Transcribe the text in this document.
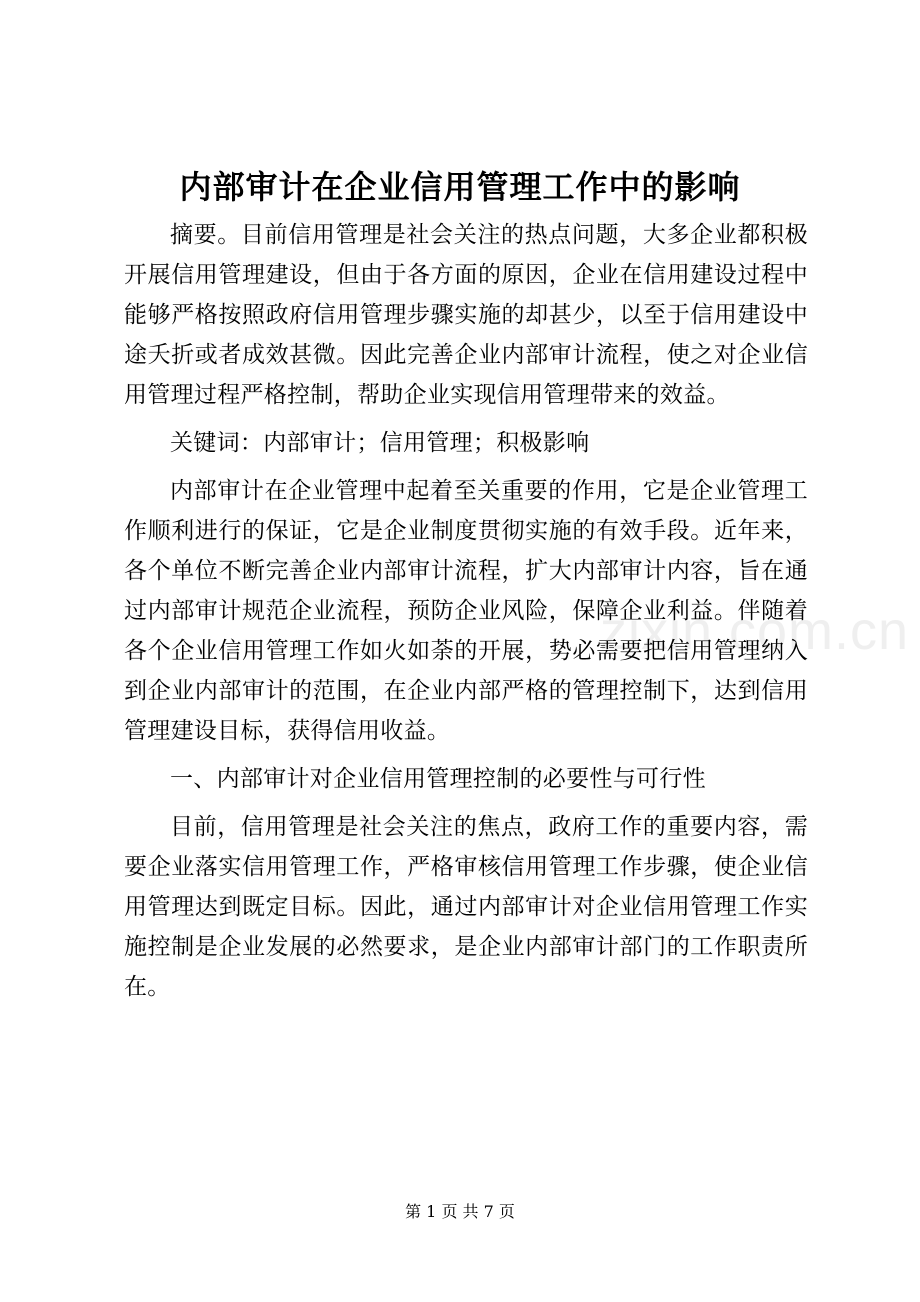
zixin.com.cn
内部审计在企业信用管理工作中的影响

摘要。目前信用管理是社会关注的热点问题，大多企业都积极开展信用管理建设，但由于各方面的原因，企业在信用建设过程中能够严格按照政府信用管理步骤实施的却甚少，以至于信用建设中途夭折或者成效甚微。因此完善企业内部审计流程，使之对企业信用管理过程严格控制，帮助企业实现信用管理带来的效益。

关键词：内部审计；信用管理；积极影响

内部审计在企业管理中起着至关重要的作用，它是企业管理工作顺利进行的保证，它是企业制度贯彻实施的有效手段。近年来，各个单位不断完善企业内部审计流程，扩大内部审计内容，旨在通过内部审计规范企业流程，预防企业风险，保障企业利益。伴随着各个企业信用管理工作如火如荼的开展，势必需要把信用管理纳入到企业内部审计的范围，在企业内部严格的管理控制下，达到信用管理建设目标，获得信用收益。

一、内部审计对企业信用管理控制的必要性与可行性

目前，信用管理是社会关注的焦点，政府工作的重要内容，需要企业落实信用管理工作，严格审核信用管理工作步骤，使企业信用管理达到既定目标。因此，通过内部审计对企业信用管理工作实施控制是企业发展的必然要求，是企业内部审计部门的工作职责所在。

第 1 页 共 7 页
